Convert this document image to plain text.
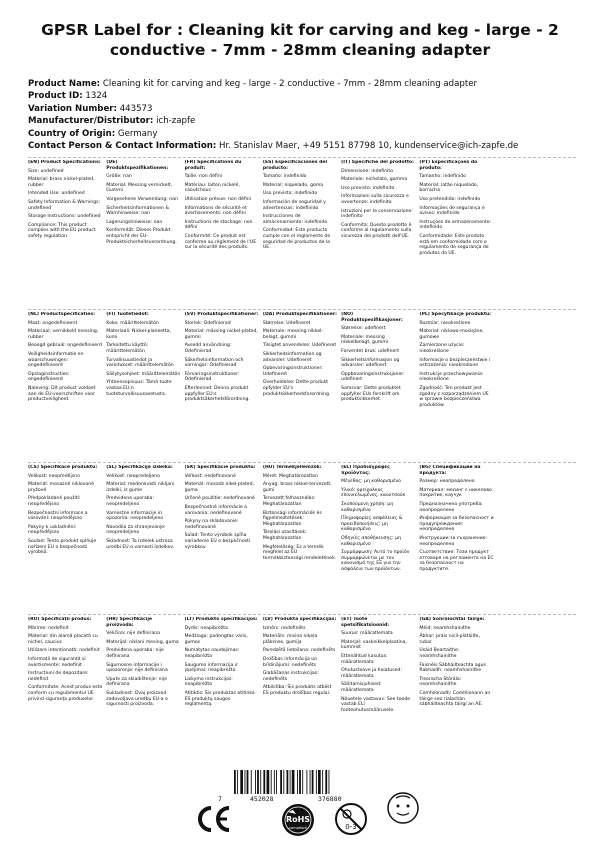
GPSR Label for : Cleaning kit for carving and keg - large - 2 conductive - 7mm - 28mm cleaning adapter
Product Name: Cleaning kit for carving and keg - large - 2 conductive - 7mm - 28mm cleaning adapter
Product ID: 1324
Variation Number: 443573
Manufacturer/Distributor: ich-zapfe
Country of Origin: Germany
Contact Person & Contact Information: Hr. Stanislav Maer, +49 5151 87798 10, kundenservice@ich-zapfe.de

(EN) Product Specifications:

Size: undefined

Material: brass nickel-plated, rubber

Intended Use: undefined

Safety Information & Warnings: undefined

Storage Instructions: undefined

Compliance: This product complies with the EU product safety regulation.

(DE) Produktspezifikationen:

Größe: nan

Material: Messing vernickelt, Gummi

Vorgesehene Verwendung: nan

Sicherheitsinformationen & Warnhinweise: nan

Lagerungshinweise: nan

Konformität: Dieses Produkt entspricht der EU-Produktsicherheitsverordnung.

(FR) Spécifications du produit:

Taille: non défini

Matériau: laiton nickelé, caoutchouc

Utilisation prévue: non défini

Informations de sécurité et avertissements: non défini

Instructions de stockage: non défini

Conformité: Ce produit est conforme au règlement de l'UE sur la sécurité des produits.

(ES) Especificaciones del producto:

Tamaño: indefinido

Material: niquelado, goma

Uso previsto: indefinido

Información de seguridad y advertencias: indefinido

Instrucciones de almacenamiento: indefinido

Conformidad: Este producto cumple con el reglamento de seguridad de productos de la UE.

(IT) Specifiche del prodotto:

Dimensione: indefinito

Materiale: nichelato, gomma

Uso previsto: indefinito

Informazioni sulla sicurezza e avvertenze: indefinito

Istruzioni per la conservazione: indefinito

Conformità: Questo prodotto è conforme al regolamento sulla sicurezza dei prodotti dell'UE.

(PT) Especificações do produto:

Tamanho: indefinido

Material: latão niquelado, borracha

Uso pretendido: indefinido

Informações de segurança e avisos: indefinido

Instruções de armazenamento: indefinido

Conformidade: Este produto está em conformidade com o regulamento de segurança de produtos da UE.

(NL) Productspecificaties:

Maat: ongedefinieerd

Materiaal: vernikkeld messing, rubber

Beoogd gebruik: ongedefinieerd

Veiligheidsinformatie en waarschuwingen: ongedefinieerd

Opslaginstructies: ongedefinieerd

Naleving: Dit product voldoet aan de EU-voorschriften voor productveiligheid.

(FI) Tuotetiedot:

Koko: määrittelemätön

Materiaali: Nickel-planeetta, kumi

Tarkoitettu käyttö: määrittelemätön

Turvallisuustiedot ja varoitukset: määrittelemätön

Säilytysohjeet: määrittelemätön

Yhteensopivuus: Tämä tuote vastaa EU:n tuoteturvallisuusasetusta.

(SV) Produktspecifikationer:

Storlek: Odefinierad

Material: mässing nickel-plated, gummi

Avsedd användning: Odefinierad

Säkerhetsinformation och varningar: Odefinierad

Förvaringsinstruktioner: Odefinierad

Efterlevnad: Denna produkt uppfyller EU:s produktsäkerhetsförordning.

(DA) Produktspecifikationer:

Størrelse: Udefineret

Materiale: messing nikkel-belagt, gummi

Tilsigtet anvendelse: Udefineret

Sikkerhedsinformation og advarsler: Udefineret

Opbevaringsinstruktioner: Udefineret

Overholdelse: Dette produkt opfylder EU's produktsikkerhedsforordning.

(NO) Produktspesifikasjoner:

Størrelse: udefinert

Materiale: messing nikkelbelagt, gummi

Forventet bruk: udefinert

Sikkerhetsinformasjon og advarsler: udefinert

Oppbevaringsinstruksjoner: udefinert

Samsvar: Dette produktet oppfyller EUs forskrift om produktsikkerhet.

(PL) Specyfikacje produktu:

Rozmiar: nieokreślone

Materiał: niklowo-mosiężne, gumowe

Zamierzone użycie: nieokreślone

Informacje o bezpieczeństwie i ostrzeżenia: nieokreślone

Instrukcje przechowywania: nieokreślone

Zgodność: Ten produkt jest zgodny z rozporządzeniem UE w sprawie bezpieczeństwa produktów.

(CS) Specifikace produktu:

Velikost: neopředějsno

Materiál: mosazné niklované pryžové

Předpokládané použití: neopředějsno

Bezpečnostní informace a varování: neopředějsno

Pokyny k uskladnění: neopředějsno

Soulad: Tento produkt splňuje nařízení EU o bezpečnosti výrobků.

(SL) Specifikacije izdelka:

Velikost: neopredeljeno

Material: medeninasti nikljani izdelki, iz gume

Predvidena uporaba: neopredeljeno

Varnostne informacije in opozorila: neopredeljeno

Navodila za shranjevanje: neopredeljeno

Skladnost: Ta izdelek ustreza uredbi EU o varnosti izdelkov.

(SK) Špecifikácie produktu:

Veľkosť: nedefinované

Materiál: mosadz nikel-plated, guma

Určené použitie: nedefinované

Bezpečnostné informácie a varovania: nedefinované

Pokyny na skladovanie: nedefinované

Súlad: Tento výrobok spĺňa nariadenie EÚ o bezpečnosti výrobkov.

(HU) Termékjellemzők:

Méret: Meghatározatlan

Anyag: brass nikkel-tervezett, gumi

Tervezett felhasználás: Meghatározatlan

Biztonsági információk és figyelmeztetések: Meghatározatlan

Tárolási utasítások: Meghatározatlan

Megfelelőség: Ez a termék megfelel az EU termékbiztonsági rendeletének.

(EL) Προδιαγραφές προϊόντος:

Μέγεθος: μη καθορισμένο

Υλικό: ορείχαλκος επινικελωμένος, καουτσούκ

Σκοπούμενη χρήση: μη καθορισμένο

Πληροφορίες ασφάλειας & προειδοποιήσεις: μη καθορισμένο

Οδηγίες αποθήκευσης: μη καθορισμένο

Συμμόρφωση: Αυτό το προϊόν συμμορφώνεται με τον κανονισμό της ΕΕ για την ασφάλεια των προϊόντων.

(BG) Спецификации на продукта:

Размер: неопределено

Материал: месинг с никелово покритие, каучук

Предназначена употреба: неопределено

Информация за безопасност и предупреждения: неопределено

Инструкции за съхранение: неопределено

Съответствие: Този продукт отговаря на регламента на ЕС за безопасност на продуктите.

(RO) Specificații produs:

Mărime: nedefinit

Material: din alamă placată cu nichel, cauciuc

Utilizare intenționată: nedefinit

Informații de siguranță și avertismente: nedefinit

Instrucțiuni de depozitare: nedefinit

Conformitate: Acest produs este conform cu regulamentul UE privind siguranța produselor.

(HR) Specifikacije proizvoda:

Veličina: nije definirana

Materijal: niklani mesing, guma

Predviđena uporaba: nije definirana

Sigurnosne informacije i upozorenja: nije definirana

Upute za skladištenje: nije definirana

Sukladnost: Ovaj proizvod zadovoljava uredbu EU-a o sigurnosti proizvoda.

(LT) Produkto specifikacijos:

Dydis: neapibrėžta

Medžiaga: padengtas varis, gumos

Numatytas naudojimas: neapibrėžta

Saugumo informacija ir įspėjimai: neapibrėžta

Laikymo instrukcijos: neapibrėžta

Atitiktis: Šis produktas atitinka ES produktų saugos reglamentą.

(LV) Produkta specifikācijas:

Izmērs: nedefinēts

Materiāls: misiņa niķeļa plāksnes, gumija

Paredzētā lietošana: nedefinēts

Drošības informācija un brīdinājumi: nedefinēts

Glabāšanas instrukcijas: nedefinēts

Atbilstība: Šis produkts atbilst ES produktu drošības regulai.

(ET) Toote spetsifikatsioonid:

Suurus: määratlemata

Materjal: vasknikkelplaatina, kummist

Ettenähtud kasutus: määratlemata

Ohutusteave ja hoiatused: määratlemata

Säilitamisjuhised: määratlemata

Nõuetele vastavus: See toode vastab ELi tooteohutusmäärusele.

(GA) Sonraíochtaí Táirge:

Méid: neamhshainithe

Ábhar: práis nicil-plátáilte, rubar

Úsáid Beartaithe: neamhshainithe

Faisnéis Sábháilteachta agus Rabhaidh: neamhshainithe

Treoracha Stórála: neamhshainithe

Comhlíonadh: Comhlíonann an táirge seo rialachán sábháilteachta táirgí an AE.

7	452028	376880
RoHS
compliant	0-3
